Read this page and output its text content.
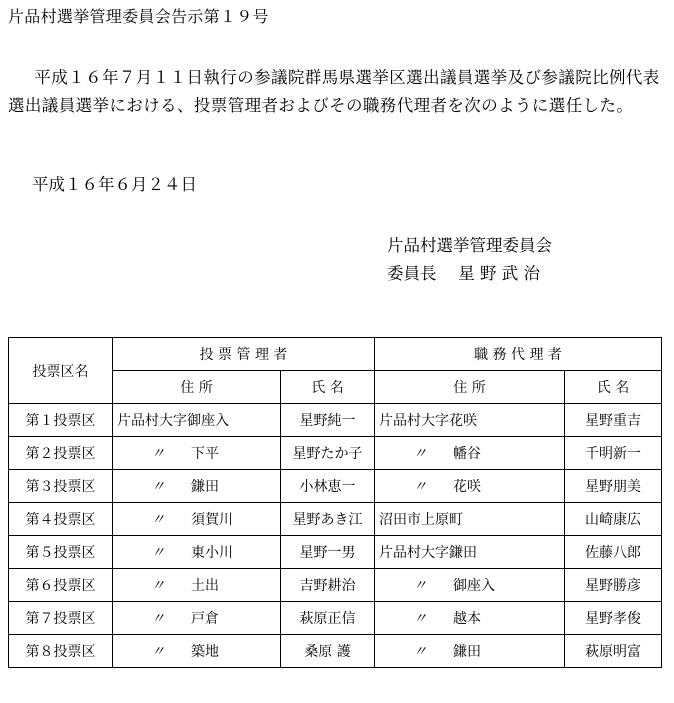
片品村選挙管理委員会告示第１９号
平成１６年７月１１日執行の参議院群馬県選挙区選出議員選挙及び参議院比例代表選出議員選挙における、投票管理者およびその職務代理者を次のように選任した。
平成１６年６月２４日
片品村選挙管理委員会
委員長　 星 野 武 治
投票区名	投 票 管 理 者		職 務 代 理 者	
	住 所	氏 名	住 所	氏 名
第１投票区	片品村大字御座入	星野純一	片品村大字花咲	星野重吉
第２投票区	〃 下平	星野たか子	〃 幡谷	千明新一
第３投票区	〃 鎌田	小林恵一	〃 花咲	星野朋美
第４投票区	〃 須賀川	星野あき江	沼田市上原町	山崎康広
第５投票区	〃 東小川	星野一男	片品村大字鎌田	佐藤八郎
第６投票区	〃 土出	吉野耕治	〃 御座入	星野勝彦
第７投票区	〃 戸倉	萩原正信	〃 越本	星野孝俊
第８投票区	〃 築地	桑原 護	〃 鎌田	萩原明富
